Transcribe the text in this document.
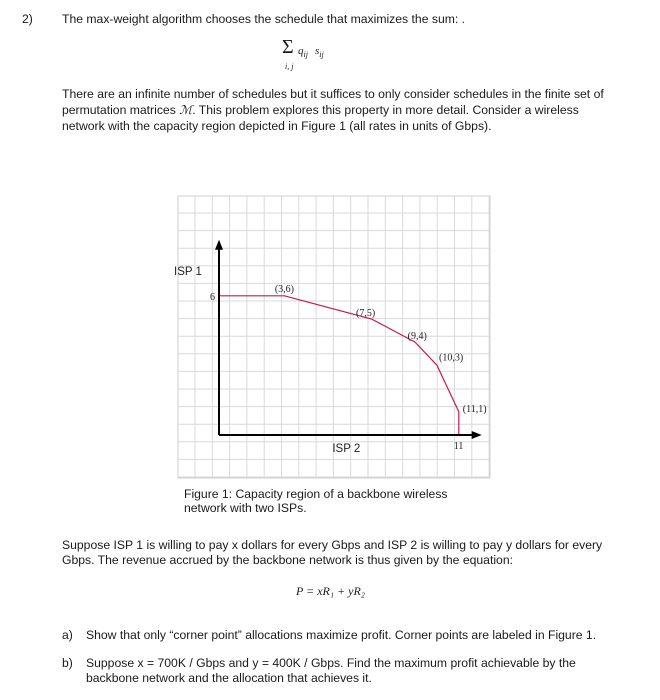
2) The max-weight algorithm chooses the schedule that maximizes the sum: .
Σ $q_{ij}$ $s_{ij}$
i, j
There are an infinite number of schedules but it suffices to only consider schedules in the finite set of
permutation matrices ℳ. This problem explores this property in more detail. Consider a wireless
network with the capacity region depicted in Figure 1 (all rates in units of Gbps).
ISP 1
ISP 2
6
11
(3,6)
(7,5)
(9,4)
(10,3)
(11,1)
Figure 1: Capacity region of a backbone wireless
network with two ISPs.
Suppose ISP 1 is willing to pay x dollars for every Gbps and ISP 2 is willing to pay y dollars for every
Gbps. The revenue accrued by the backbone network is thus given by the equation:
P = xR₁ + yR₂
a) Show that only “corner point” allocations maximize profit. Corner points are labeled in Figure 1.
b) Suppose x = 700K / Gbps and y = 400K / Gbps. Find the maximum profit achievable by the
backbone network and the allocation that achieves it.
